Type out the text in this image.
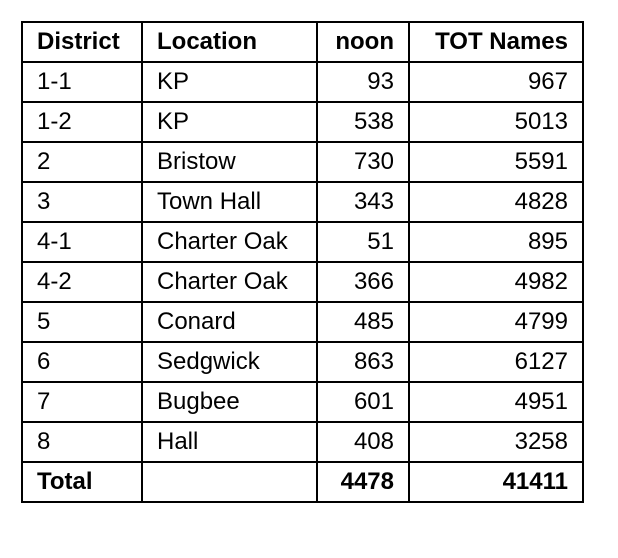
District	Location	noon	TOT Names
1-1	KP	93	967
1-2	KP	538	5013
2	Bristow	730	5591
3	Town Hall	343	4828
4-1	Charter Oak	51	895
4-2	Charter Oak	366	4982
5	Conard	485	4799
6	Sedgwick	863	6127
7	Bugbee	601	4951
8	Hall	408	3258
Total		4478	41411
